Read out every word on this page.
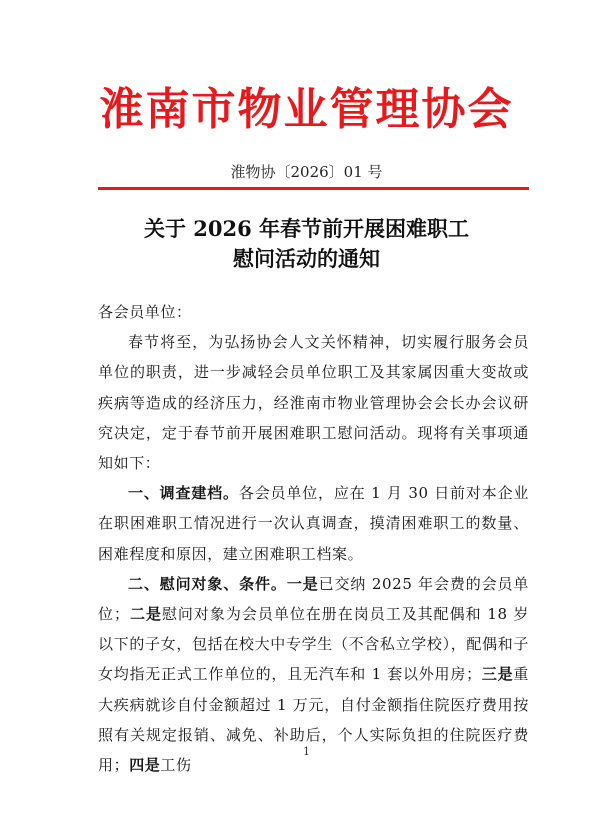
淮南市物业管理协会
淮物协〔2026〕01 号
关于 2026 年春节前开展困难职工
慰问活动的通知

各会员单位：

春节将至，为弘扬协会人文关怀精神，切实履行服务会员单位的职责，进一步减轻会员单位职工及其家属因重大变故或疾病等造成的经济压力，经淮南市物业管理协会会长办会议研究决定，定于春节前开展困难职工慰问活动。现将有关事项通知如下：

一、调查建档。各会员单位，应在 1 月 30 日前对本企业在职困难职工情况进行一次认真调查，摸清困难职工的数量、困难程度和原因，建立困难职工档案。

二、慰问对象、条件。一是已交纳 2025 年会费的会员单位；二是慰问对象为会员单位在册在岗员工及其配偶和 18 岁以下的子女，包括在校大中专学生（不含私立学校），配偶和子女均指无正式工作单位的，且无汽车和 1 套以外用房；三是重大疾病就诊自付金额超过 1 万元，自付金额指住院医疗费用按照有关规定报销、减免、补助后，个人实际负担的住院医疗费用；四是工伤

1
